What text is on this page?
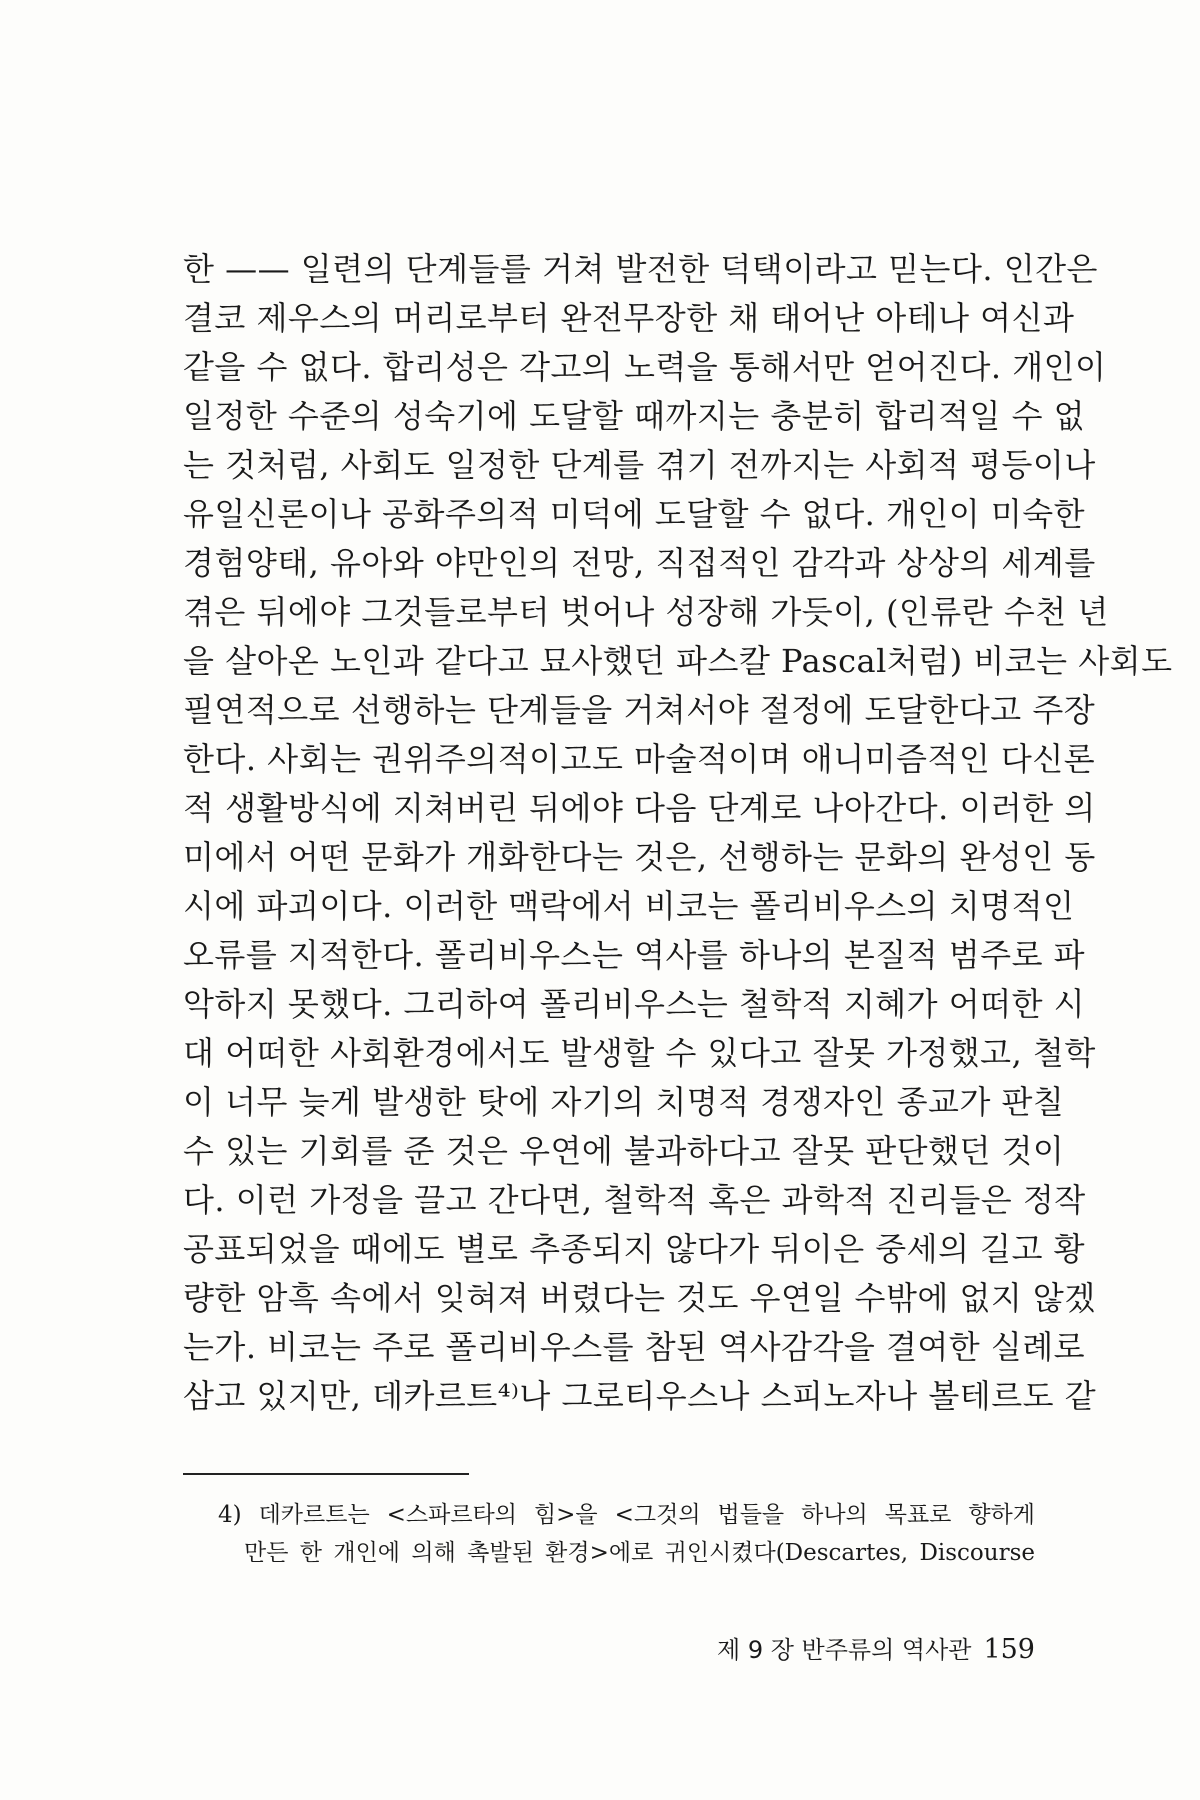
한 —— 일련의 단계들를 거쳐 발전한 덕택이라고 믿는다. 인간은
결코 제우스의 머리로부터 완전무장한 채 태어난 아테나 여신과
같을 수 없다. 합리성은 각고의 노력을 통해서만 얻어진다. 개인이
일정한 수준의 성숙기에 도달할 때까지는 충분히 합리적일 수 없
는 것처럼, 사회도 일정한 단계를 겪기 전까지는 사회적 평등이나
유일신론이나 공화주의적 미덕에 도달할 수 없다. 개인이 미숙한
경험양태, 유아와 야만인의 전망, 직접적인 감각과 상상의 세계를
겪은 뒤에야 그것들로부터 벗어나 성장해 가듯이, (인류란 수천 년
을 살아온 노인과 같다고 묘사했던 파스칼 Pascal처럼) 비코는 사회도
필연적으로 선행하는 단계들을 거쳐서야 절정에 도달한다고 주장
한다. 사회는 권위주의적이고도 마술적이며 애니미즘적인 다신론
적 생활방식에 지쳐버린 뒤에야 다음 단계로 나아간다. 이러한 의
미에서 어떤 문화가 개화한다는 것은, 선행하는 문화의 완성인 동
시에 파괴이다. 이러한 맥락에서 비코는 폴리비우스의 치명적인
오류를 지적한다. 폴리비우스는 역사를 하나의 본질적 범주로 파
악하지 못했다. 그리하여 폴리비우스는 철학적 지혜가 어떠한 시
대 어떠한 사회환경에서도 발생할 수 있다고 잘못 가정했고, 철학
이 너무 늦게 발생한 탓에 자기의 치명적 경쟁자인 종교가 판칠
수 있는 기회를 준 것은 우연에 불과하다고 잘못 판단했던 것이
다. 이런 가정을 끌고 간다면, 철학적 혹은 과학적 진리들은 정작
공표되었을 때에도 별로 추종되지 않다가 뒤이은 중세의 길고 황
량한 암흑 속에서 잊혀져 버렸다는 것도 우연일 수밖에 없지 않겠
는가. 비코는 주로 폴리비우스를 참된 역사감각을 결여한 실례로
삼고 있지만, 데카르트⁴⁾나 그로티우스나 스피노자나 볼테르도 같
4) 데카르트는 <스파르타의 힘>을 <그것의 법들을 하나의 목표로 향하게
만든 한 개인에 의해 촉발된 환경>에로 귀인시켰다(Descartes, Discourse
제 9 장 반주류의 역사관 159
